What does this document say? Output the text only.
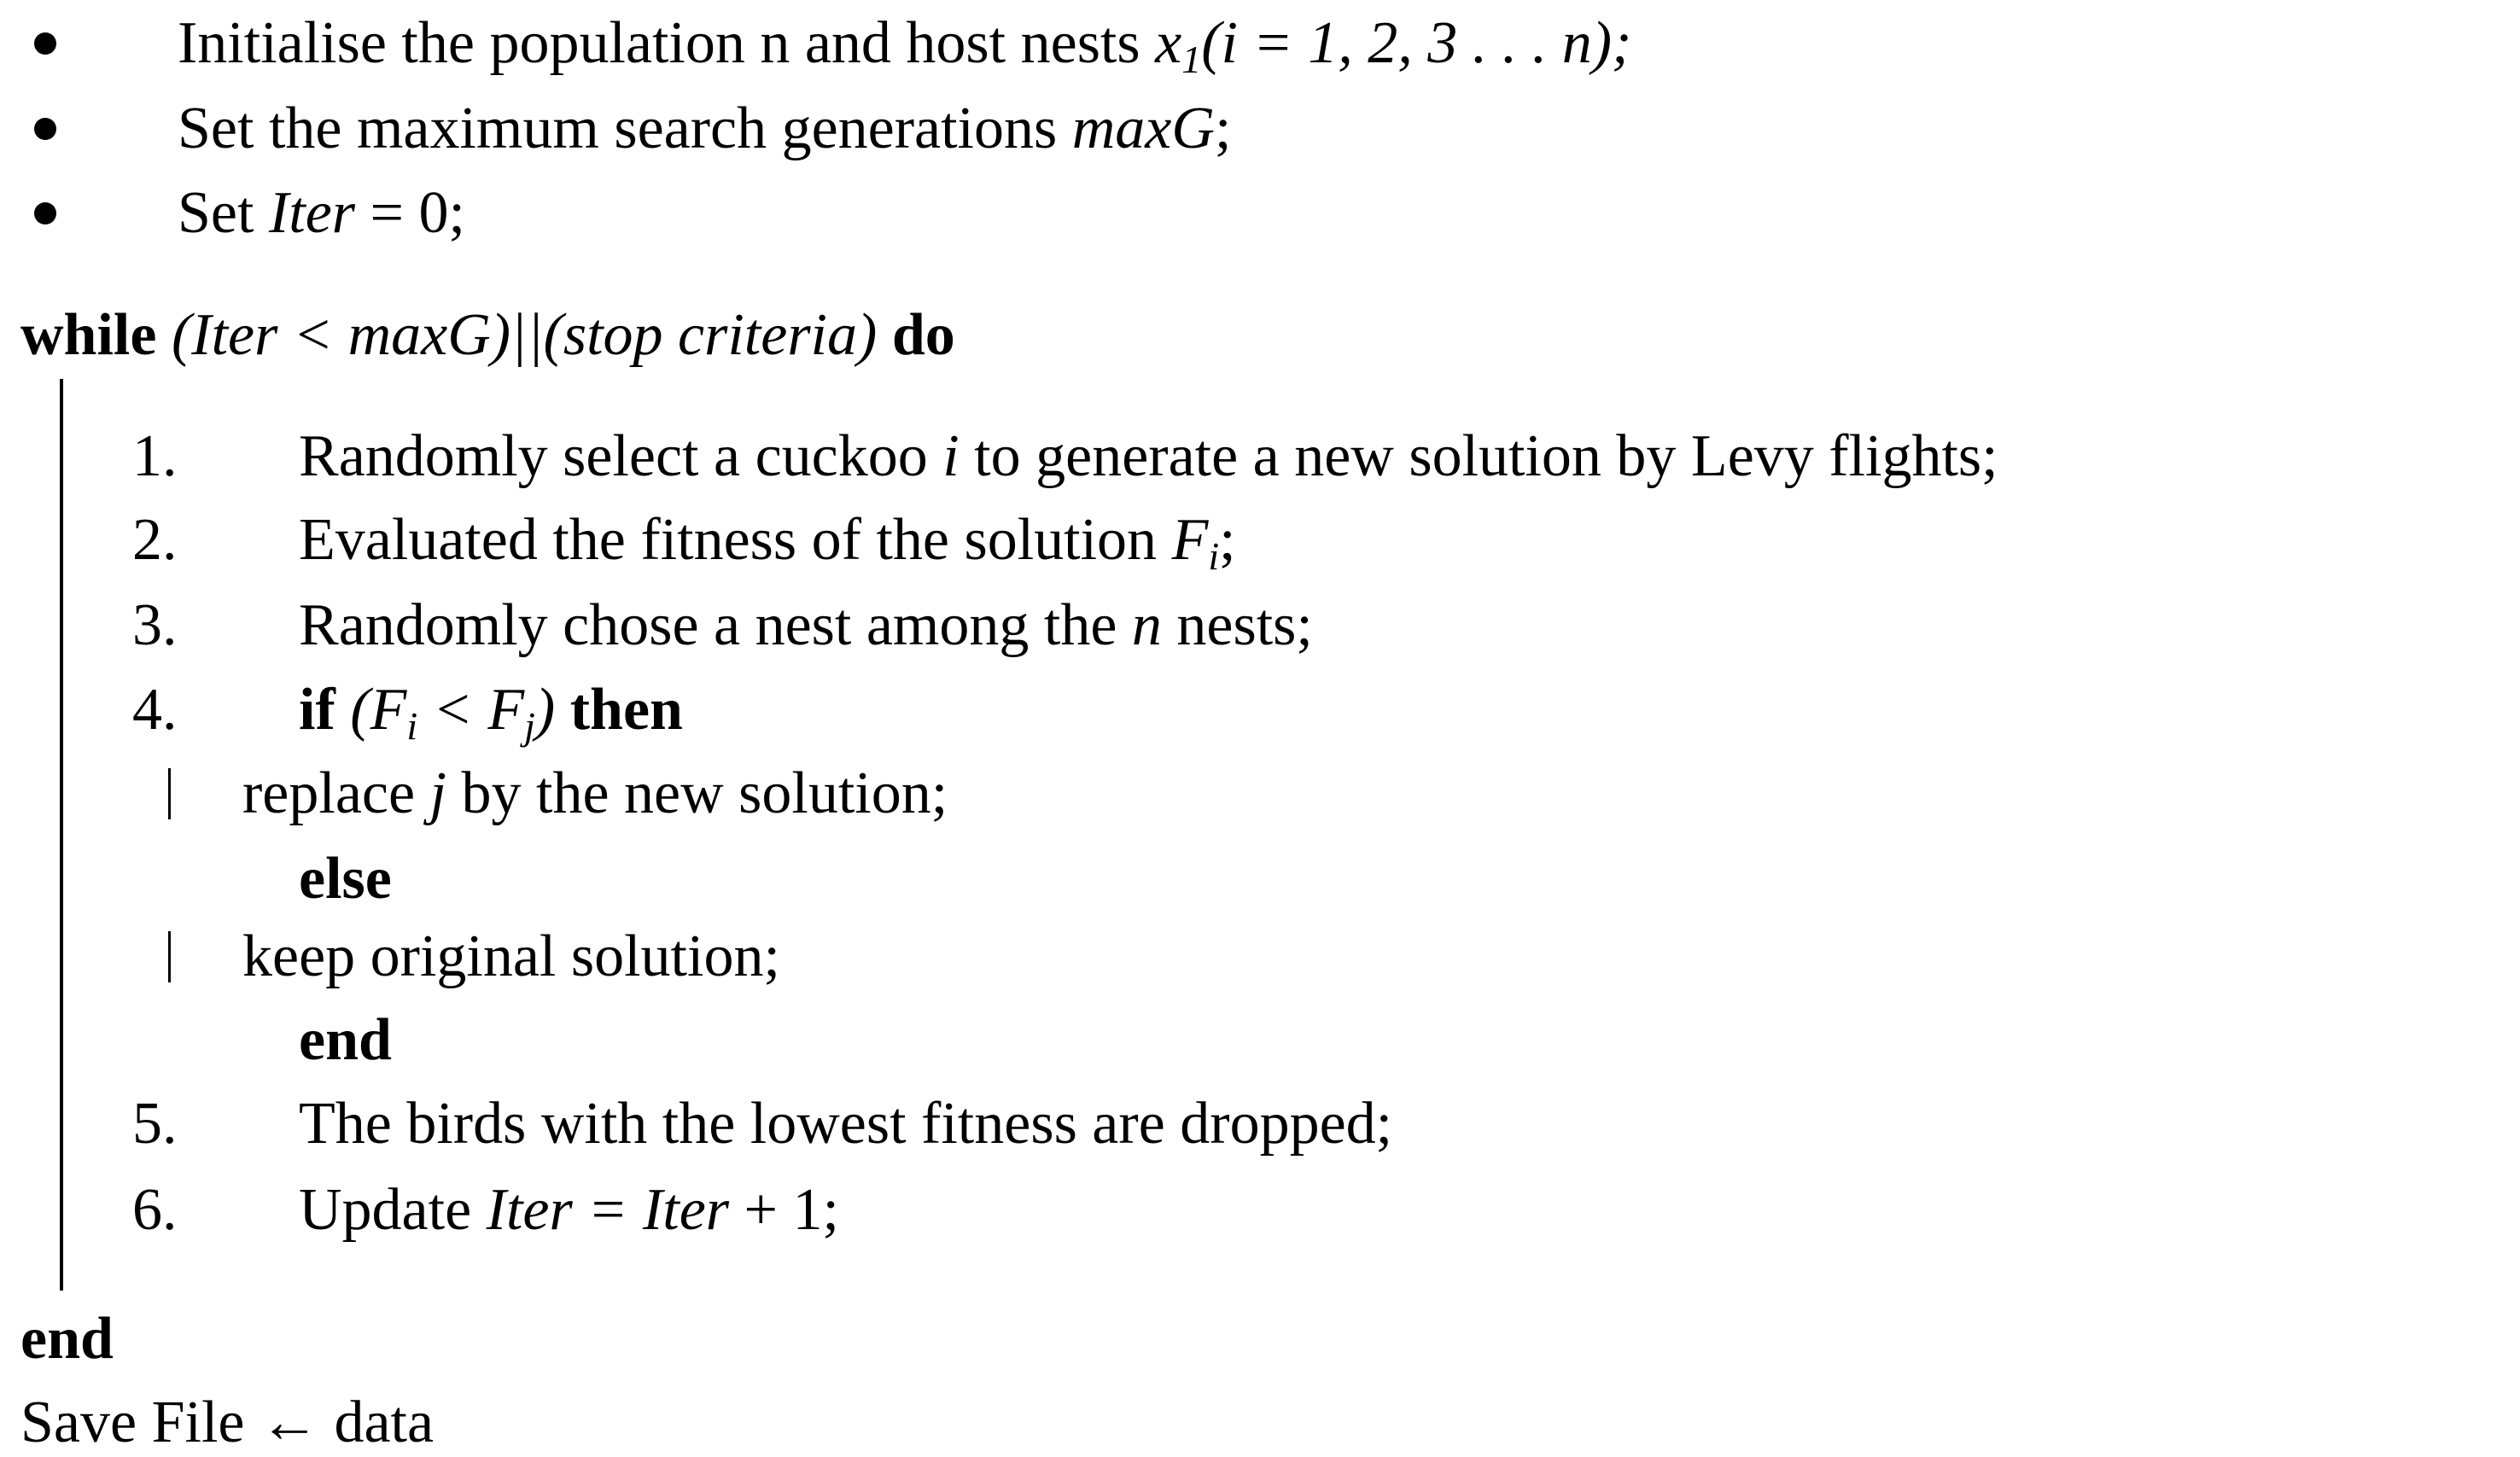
Initialise the population n and host nests $x_1(i = 1$, 2, 3 . . . n);
Set the maximum search generations maxG;
Set Iter = 0;
while (Iter < maxG)||(stop criteria) do
1. Randomly select a cuckoo i to generate a new solution by Levy flights;
2. Evaluated the fitness of the solution $F_i$;
3. Randomly chose a nest among the n nests;
4. if $(F_i < F_j)$ then
replace j by the new solution;
else
keep original solution;
end
5. The birds with the lowest fitness are dropped;
6. Update Iter = Iter + 1;
end
Save File ← data
